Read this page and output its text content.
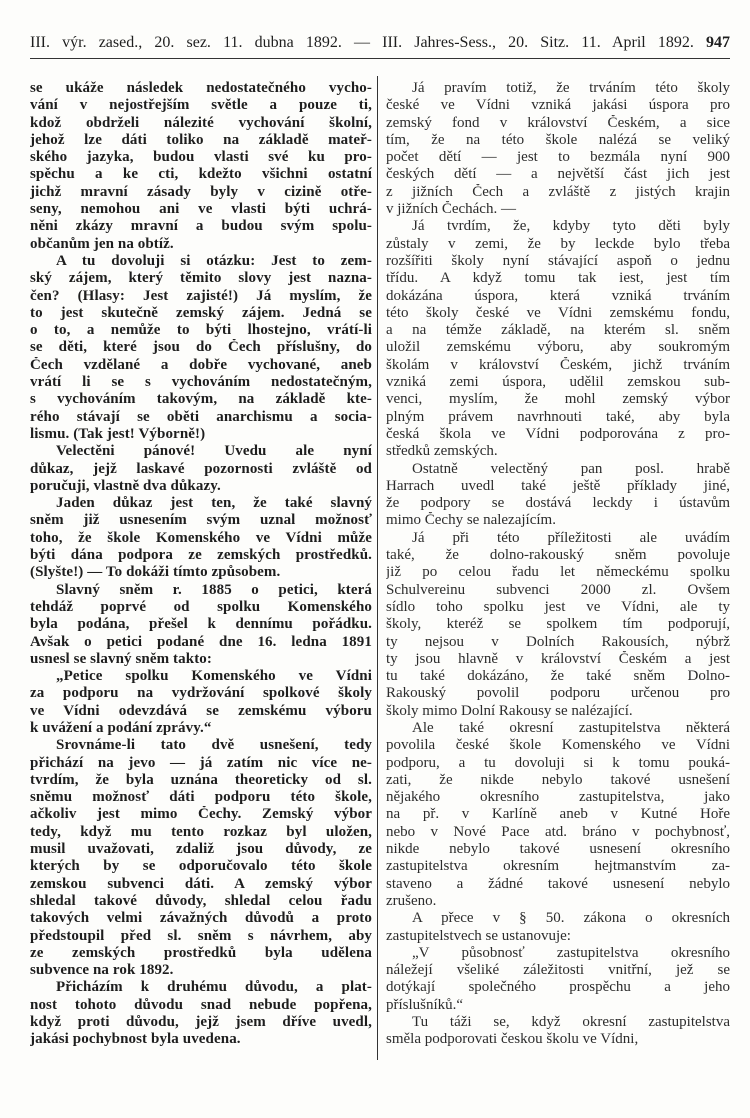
III. výr. zased., 20. sez. 11. dubna 1892. — III. Jahres-Sess., 20. Sitz. 11. April 1892. 947
se ukáže následek nedostatečného vycho-
vání v nejostřejším světle a pouze ti,
kdož obdrželi nálezité vychování školní,
jehož lze dáti toliko na základě mateř-
ského jazyka, budou vlasti své ku pro-
spěchu a ke cti, kdežto všichni ostatní
jichž mravní zásady byly v cizině otře-
seny, nemohou ani ve vlasti býti uchrá-
něni zkázy mravní a budou svým spolu-
občanům jen na obtíž.
A tu dovoluji si otázku: Jest to zem-
ský zájem, který těmito slovy jest nazna-
čen? (Hlasy: Jest zajisté!) Já myslím, že
to jest skutečně zemský zájem. Jedná se
o to, a nemůže to býti lhostejno, vrátí-li
se děti, které jsou do Čech příslušny, do
Čech vzdělané a dobře vychované, aneb
vrátí li se s vychováním nedostatečným,
s vychováním takovým, na základě kte-
rého stávají se oběti anarchismu a socia-
lismu. (Tak jest! Výborně!)
Velectěni pánové! Uvedu ale nyní
důkaz, jejž laskavé pozornosti zvláště od
poručuji, vlastně dva důkazy.
Jaden důkaz jest ten, že také slavný
sněm již usnesením svým uznal možnosť
toho, že škole Komenského ve Vídni může
býti dána podpora ze zemských prostředků.
(Slyšte!) — To dokáži tímto způsobem.
Slavný sněm r. 1885 o petici, která
tehdáž poprvé od spolku Komenského
byla podána, přešel k dennímu pořádku.
Avšak o petici podané dne 16. ledna 1891
usnesl se slavný sněm takto:
„Petice spolku Komenského ve Vídni
za podporu na vydržování spolkové školy
ve Vídni odevzdává se zemskému výboru
k uvážení a podání zprávy.“
Srovnáme-li tato dvě usnešení, tedy
přichází na jevo — já zatím nic více ne-
tvrdím, že byla uznána theoreticky od sl.
sněmu možnosť dáti podporu této škole,
ačkoliv jest mimo Čechy. Zemský výbor
tedy, když mu tento rozkaz byl uložen,
musil uvažovati, zdaliž jsou důvody, ze
kterých by se odporučovalo této škole
zemskou subvenci dáti. A zemský výbor
shledal takové důvody, shledal celou řadu
takových velmi závažných důvodů a proto
předstoupil před sl. sněm s návrhem, aby
ze zemských prostředků byla udělena
subvence na rok 1892.
Přicházím k druhému důvodu, a plat-
nost tohoto důvodu snad nebude popřena,
když proti důvodu, jejž jsem dříve uvedl,
jakási pochybnost byla uvedena.
Já pravím totiž, že trváním této školy
české ve Vídni vzniká jakási úspora pro
zemský fond v království Českém, a sice
tím, že na této škole nalézá se veliký
počet dětí — jest to bezmála nyní 900
českých dětí — a největší část jich jest
z jižních Čech a zvláště z jistých krajin
v jižních Čechách. —
Já tvrdím, že, kdyby tyto děti byly
zůstaly v zemi, že by leckde bylo třeba
rozšířiti školy nyní stávající aspoň o jednu
třídu. A když tomu tak iest, jest tím
dokázána úspora, která vzniká trváním
této školy české ve Vídni zemskému fondu,
a na témže základě, na kterém sl. sněm
uložil zemskému výboru, aby soukromým
školám v království Českém, jichž trváním
vzniká zemi úspora, udělil zemskou sub-
venci, myslím, že mohl zemský výbor
plným právem navrhnouti také, aby byla
česká škola ve Vídni podporována z pro-
středků zemských.
Ostatně velectěný pan posl. hrabě
Harrach uvedl také ještě příklady jiné,
že podpory se dostává leckdy i ústavům
mimo Čechy se nalezajícím.
Já při této příležitosti ale uvádím
také, že dolno-rakouský sněm povoluje
již po celou řadu let německému spolku
Schulvereinu subvenci 2000 zl. Ovšem
sídlo toho spolku jest ve Vídni, ale ty
školy, kteréž se spolkem tím podporují,
ty nejsou v Dolních Rakousích, nýbrž
ty jsou hlavně v království Českém a jest
tu také dokázáno, že také sněm Dolno-
Rakouský povolil podporu určenou pro
školy mimo Dolní Rakousy se nalézající.
Ale také okresní zastupitelstva některá
povolila české škole Komenského ve Vídni
podporu, a tu dovoluji si k tomu pouká-
zati, že nikde nebylo takové usnešení
nějakého okresního zastupitelstva, jako
na př. v Karlíně aneb v Kutné Hoře
nebo v Nové Pace atd. bráno v pochybnosť,
nikde nebylo takové usnesení okresního
zastupitelstva okresním hejtmanstvím za-
staveno a žádné takové usnesení nebylo
zrušeno.
A přece v § 50. zákona o okresních
zastupitelstvech se ustanovuje:
„V působnosť zastupitelstva okresního
náležejí všeliké záležitosti vnitřní, jež se
dotýkají společného prospěchu a jeho
příslušníků.“
Tu táži se, když okresní zastupitelstva
směla podporovati českou školu ve Vídni,
